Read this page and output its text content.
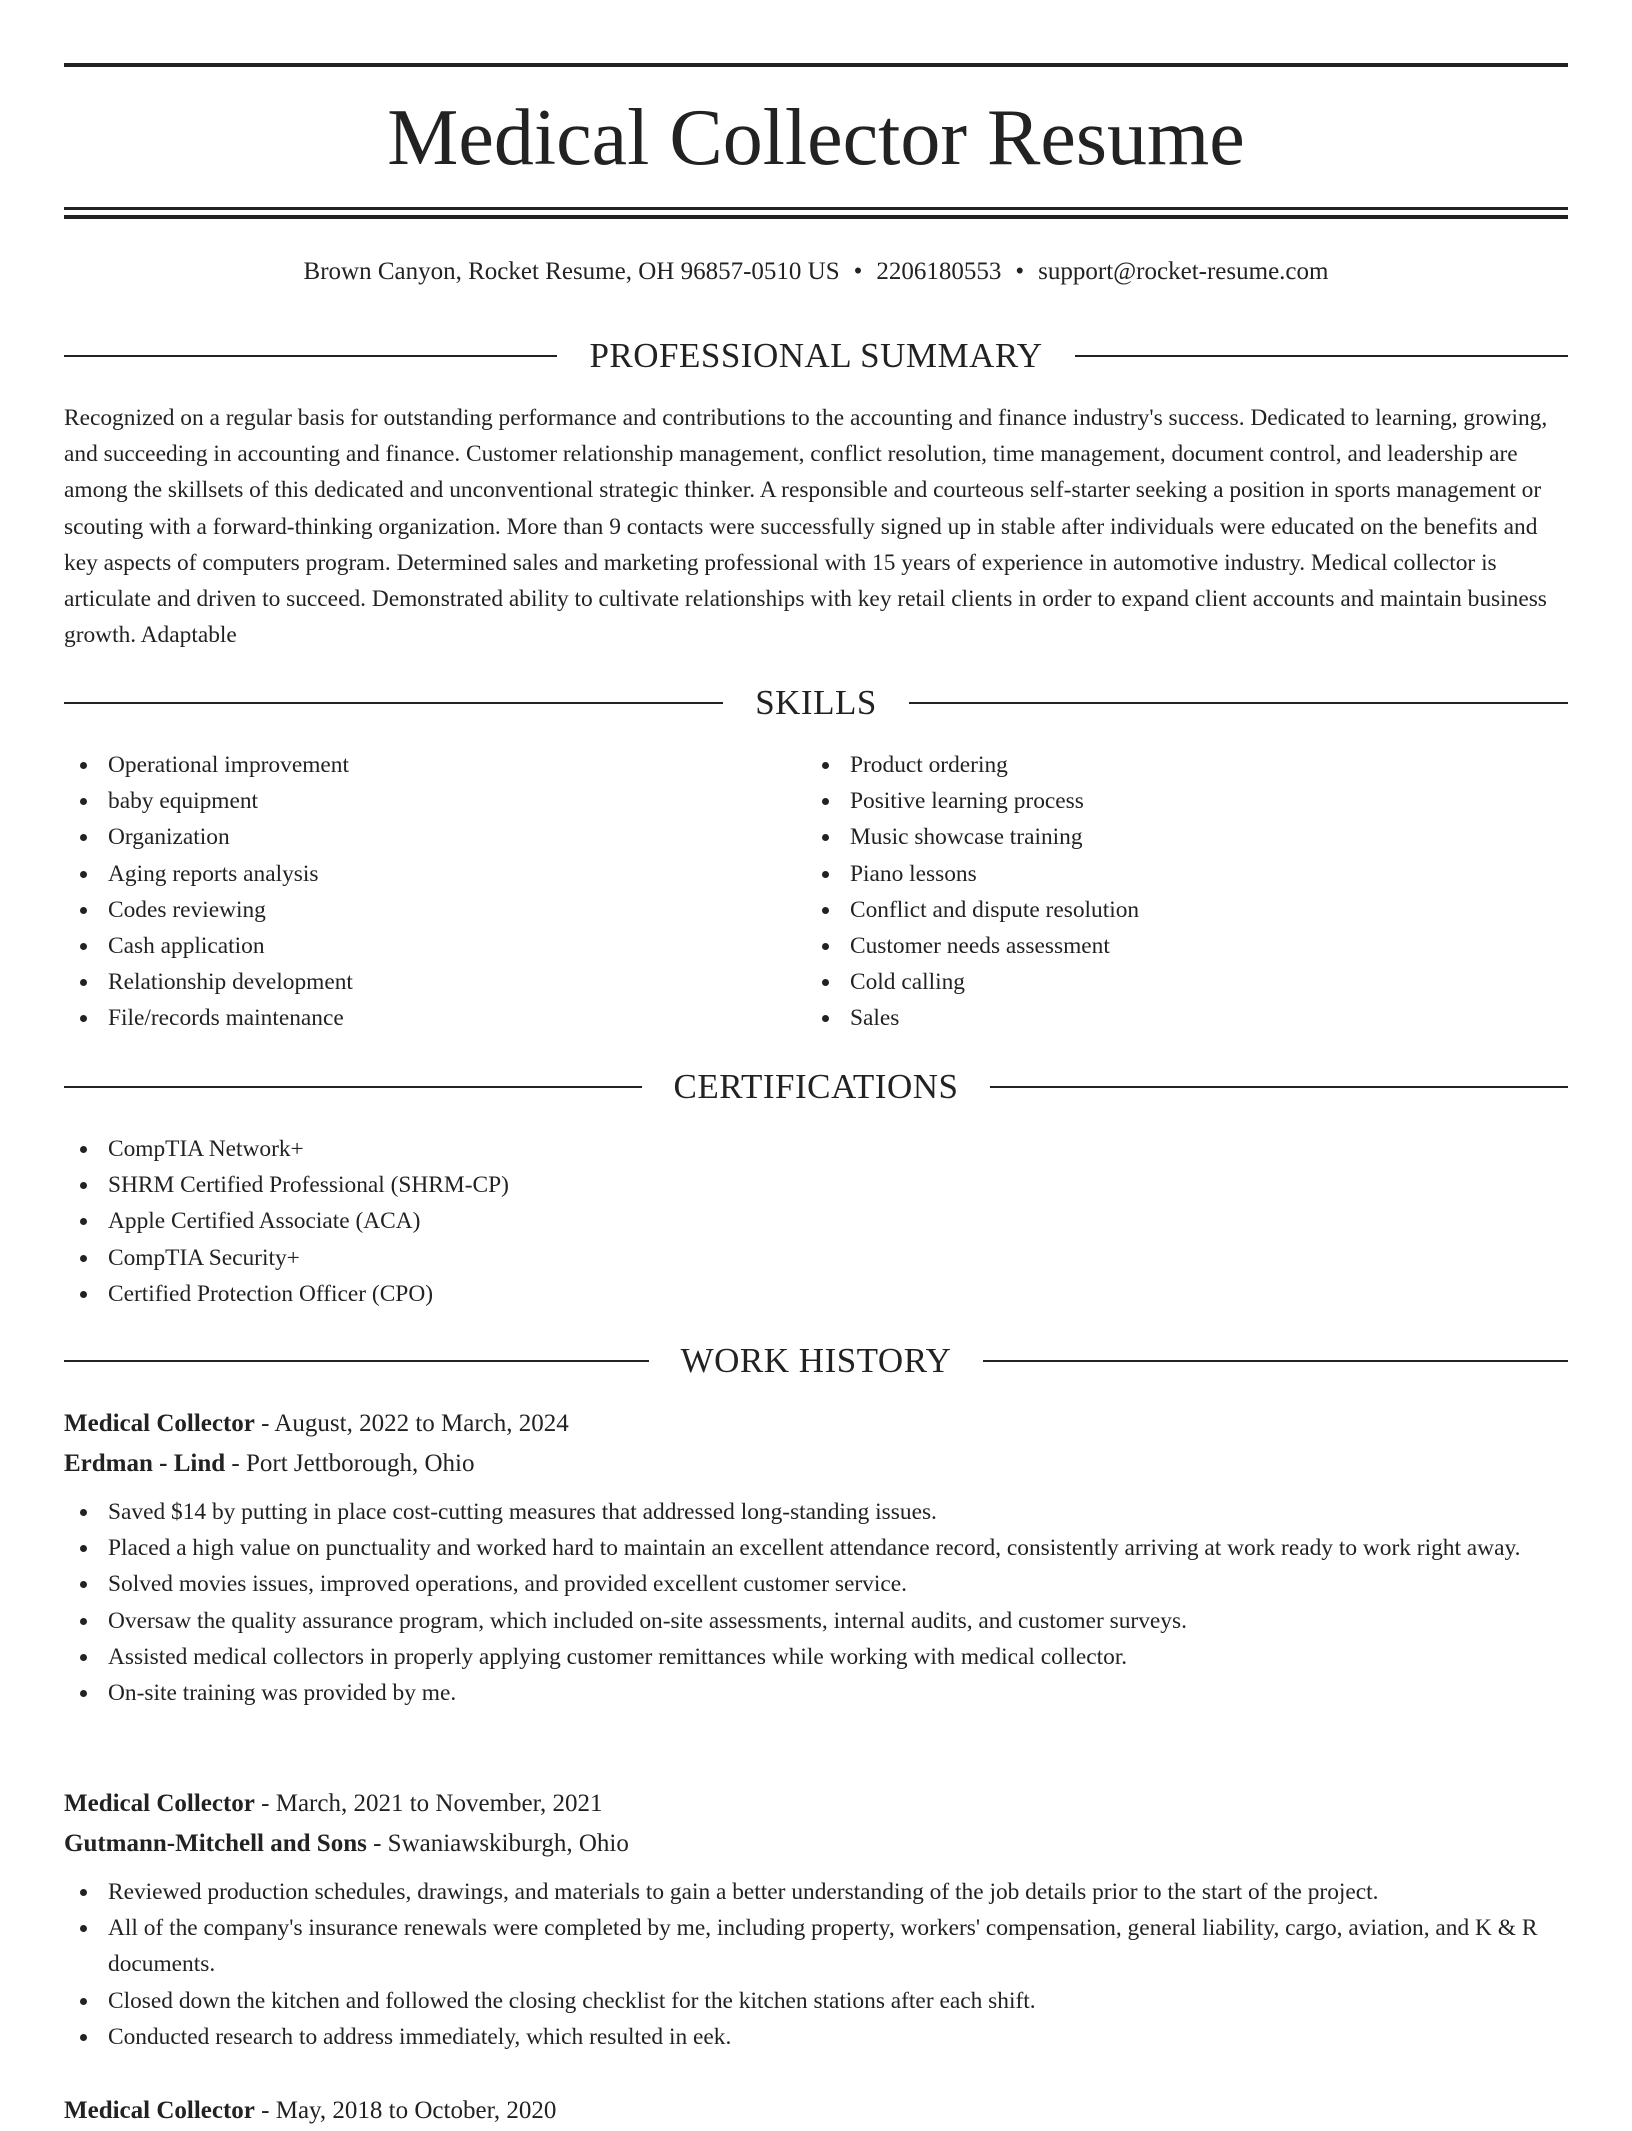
Medical Collector Resume
Brown Canyon, Rocket Resume, OH 96857-0510 US • 2206180553 • support@rocket-resume.com
PROFESSIONAL SUMMARY

Recognized on a regular basis for outstanding performance and contributions to the accounting and finance industry's success. Dedicated to learning, growing, and succeeding in accounting and finance. Customer relationship management, conflict resolution, time management, document control, and leadership are among the skillsets of this dedicated and unconventional strategic thinker. A responsible and courteous self-starter seeking a position in sports management or scouting with a forward-thinking organization. More than 9 contacts were successfully signed up in stable after individuals were educated on the benefits and key aspects of computers program. Determined sales and marketing professional with 15 years of experience in automotive industry. Medical collector is articulate and driven to succeed. Demonstrated ability to cultivate relationships with key retail clients in order to expand client accounts and maintain business growth. Adaptable

SKILLS
Operational improvement
baby equipment
Organization
Aging reports analysis
Codes reviewing
Cash application
Relationship development
File/records maintenance
Product ordering
Positive learning process
Music showcase training
Piano lessons
Conflict and dispute resolution
Customer needs assessment
Cold calling
Sales
CERTIFICATIONS
CompTIA Network+
SHRM Certified Professional (SHRM-CP)
Apple Certified Associate (ACA)
CompTIA Security+
Certified Protection Officer (CPO)
WORK HISTORY
Medical Collector - August, 2022 to March, 2024
Erdman - Lind - Port Jettborough, Ohio
Saved $14 by putting in place cost-cutting measures that addressed long-standing issues.
Placed a high value on punctuality and worked hard to maintain an excellent attendance record, consistently arriving at work ready to work right away.
Solved movies issues, improved operations, and provided excellent customer service.
Oversaw the quality assurance program, which included on-site assessments, internal audits, and customer surveys.
Assisted medical collectors in properly applying customer remittances while working with medical collector.
On-site training was provided by me.
Medical Collector - March, 2021 to November, 2021
Gutmann-Mitchell and Sons - Swaniawskiburgh, Ohio
Reviewed production schedules, drawings, and materials to gain a better understanding of the job details prior to the start of the project.
All of the company's insurance renewals were completed by me, including property, workers' compensation, general liability, cargo, aviation, and K & R documents.
Closed down the kitchen and followed the closing checklist for the kitchen stations after each shift.
Conducted research to address immediately, which resulted in eek.
Medical Collector - May, 2018 to October, 2020
